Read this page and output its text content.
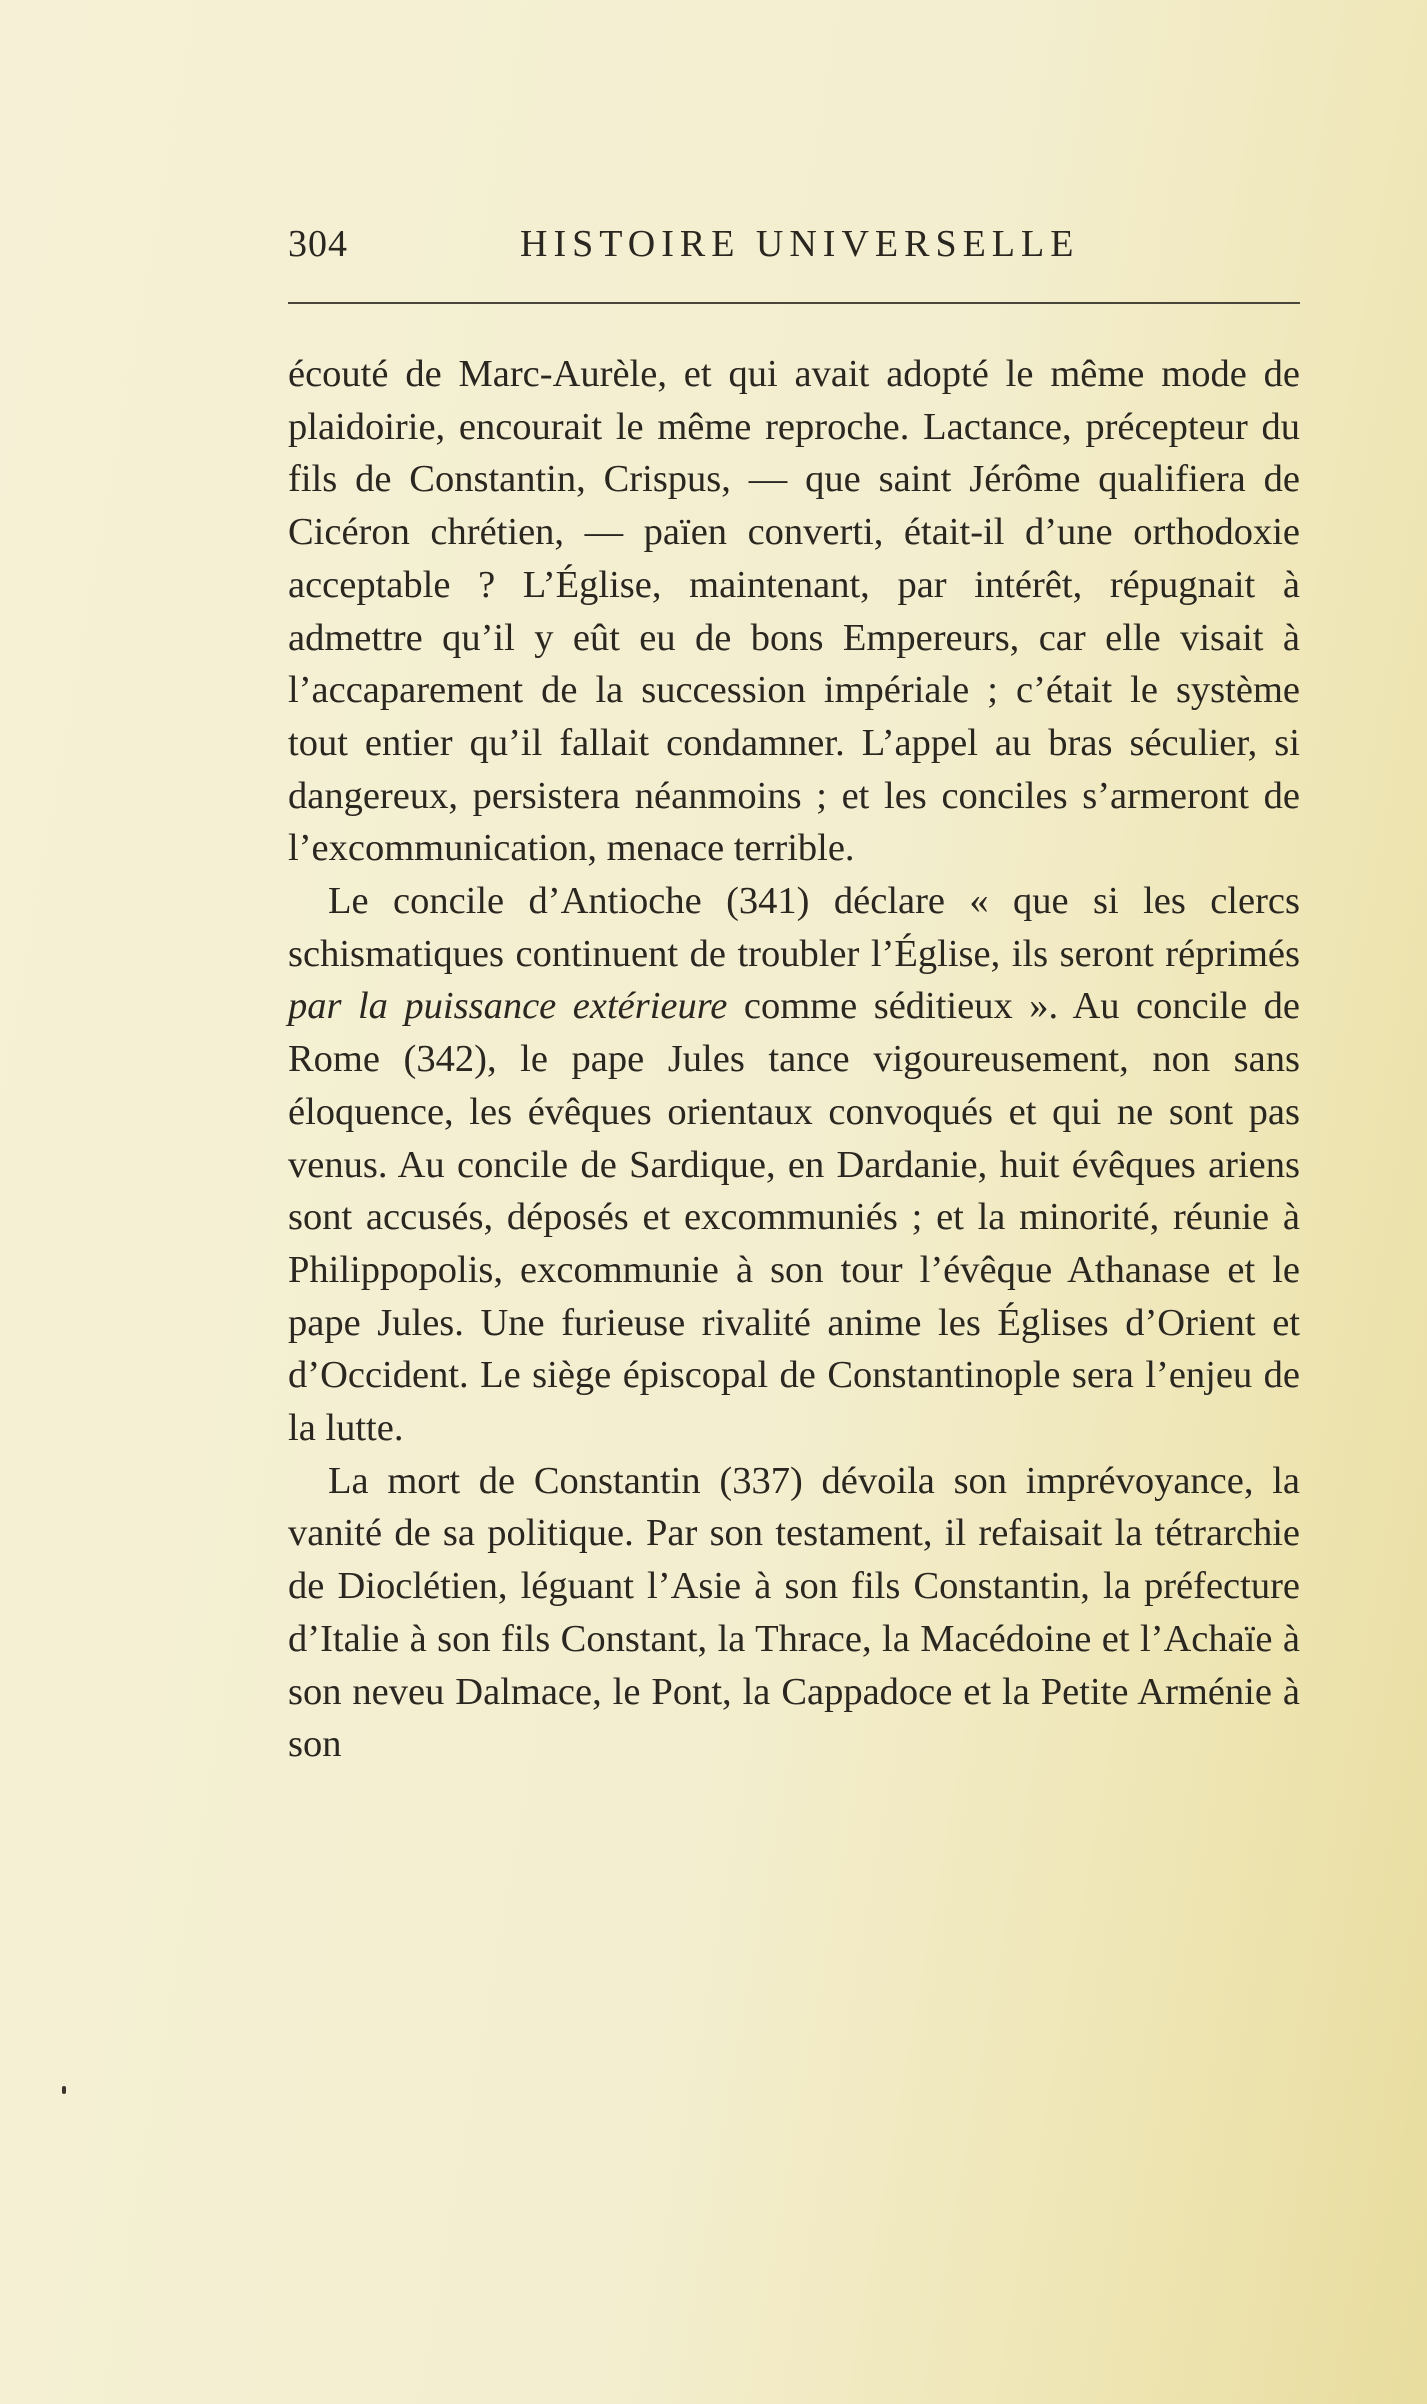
304	HISTOIRE UNIVERSELLE

écouté de Marc-Aurèle, et qui avait adopté le même mode de plaidoirie, encourait le même reproche. Lactance, précepteur du fils de Constantin, Crispus, — que saint Jérôme qualifiera de Cicéron chrétien, — païen converti, était-il d’une orthodoxie acceptable ? L’Église, maintenant, par intérêt, répugnait à admettre qu’il y eût eu de bons Empereurs, car elle visait à l’accaparement de la succession impériale ; c’était le système tout entier qu’il fallait condamner. L’appel au bras séculier, si dangereux, persistera néanmoins ; et les conciles s’armeront de l’excommunication, menace terrible.

Le concile d’Antioche (341) déclare « que si les clercs schismatiques continuent de troubler l’Église, ils seront réprimés par la puissance extérieure comme séditieux ». Au concile de Rome (342), le pape Jules tance vigoureusement, non sans éloquence, les évêques orientaux convoqués et qui ne sont pas venus. Au concile de Sardique, en Dardanie, huit évêques ariens sont accusés, déposés et excommuniés ; et la minorité, réunie à Philippopolis, excommunie à son tour l’évêque Athanase et le pape Jules. Une furieuse rivalité anime les Églises d’Orient et d’Occident. Le siège épiscopal de Constantinople sera l’enjeu de la lutte.

La mort de Constantin (337) dévoila son imprévoyance, la vanité de sa politique. Par son testament, il refaisait la tétrarchie de Dioclétien, léguant l’Asie à son fils Constantin, la préfecture d’Italie à son fils Constant, la Thrace, la Macédoine et l’Achaïe à son neveu Dalmace, le Pont, la Cappadoce et la Petite Arménie à son
